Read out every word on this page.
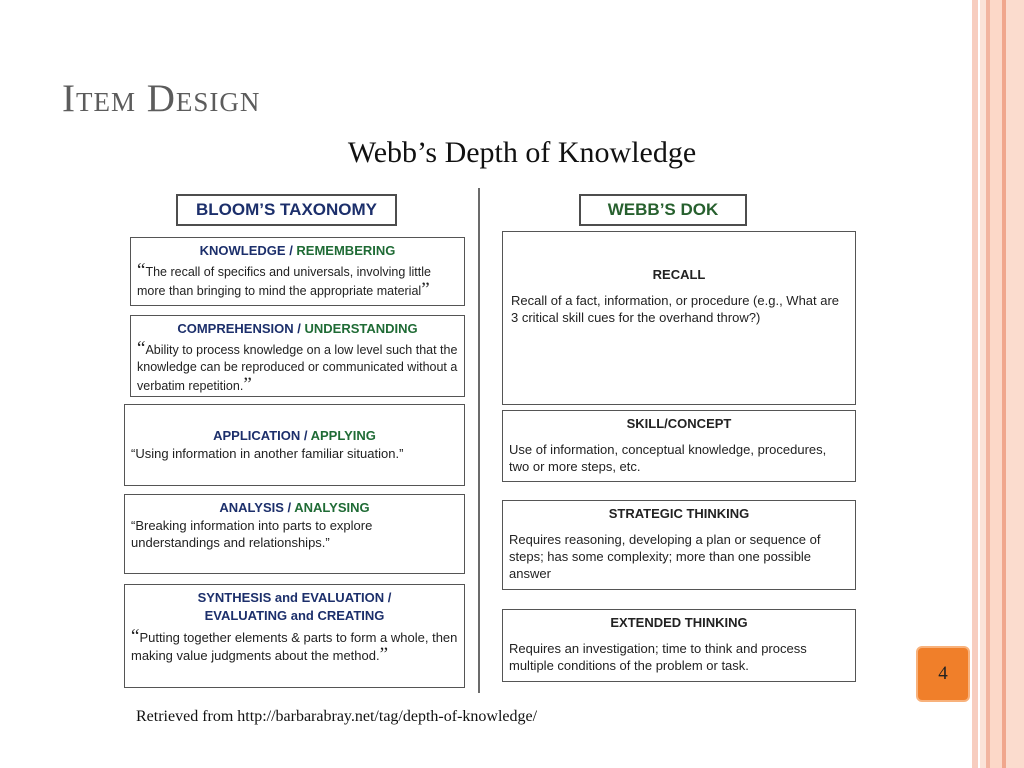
Item Design
Webb’s Depth of Knowledge
BLOOM’S TAXONOMY
KNOWLEDGE / REMEMBERING
“The recall of specifics and universals, involving little more than bringing to mind the appropriate material”
COMPREHENSION / UNDERSTANDING
“Ability to process knowledge on a low level such that the knowledge can be reproduced or communicated without a verbatim repetition.”
APPLICATION / APPLYING
“Using information in another familiar situation.”
ANALYSIS / ANALYSING
“Breaking information into parts to explore understandings and relationships.”
SYNTHESIS and EVALUATION /
EVALUATING and CREATING
“Putting together elements & parts to form a whole, then making value judgments about the method.”
WEBB’S DOK
RECALL
Recall of a fact, information, or procedure (e.g., What are 3 critical skill cues for the overhand throw?)
SKILL/CONCEPT
Use of information, conceptual knowledge, procedures, two or more steps, etc.
STRATEGIC THINKING
Requires reasoning, developing a plan or sequence of steps; has some complexity; more than one possible answer
EXTENDED THINKING
Requires an investigation; time to think and process multiple conditions of the problem or task.
Retrieved from http://barbarabray.net/tag/depth-of-knowledge/
4
